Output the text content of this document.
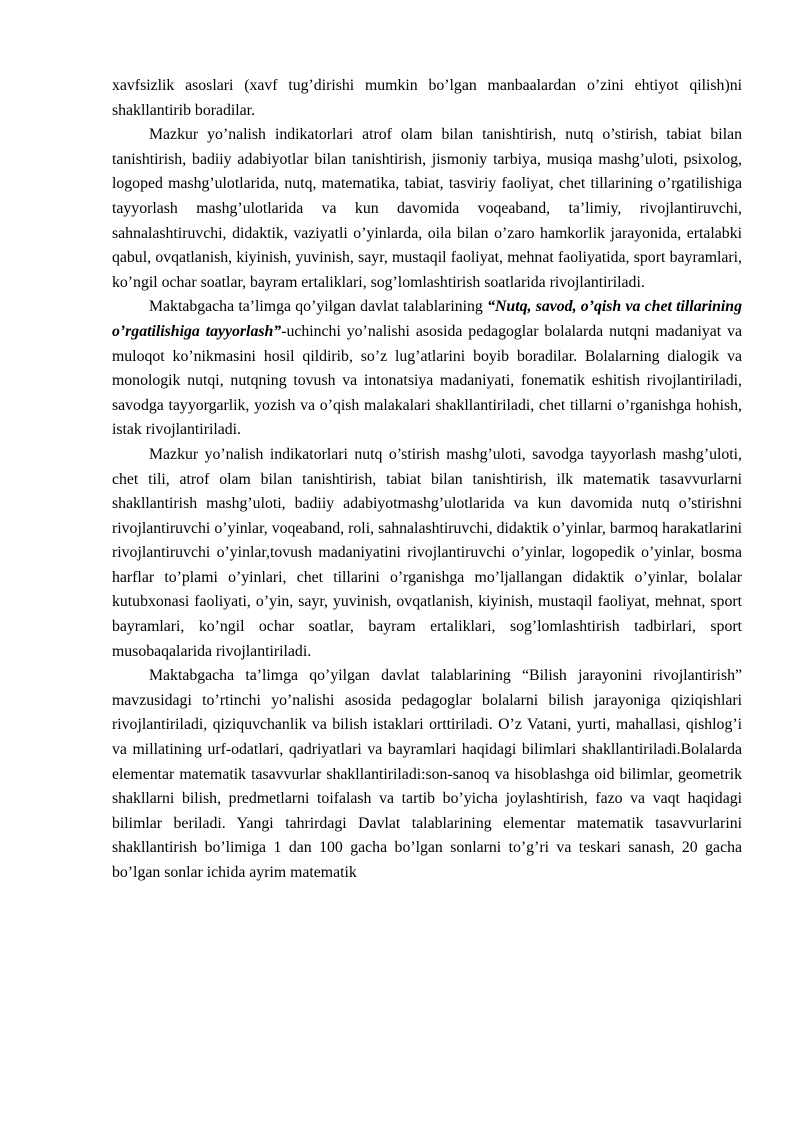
xavfsizlik asoslari (xavf tug’dirishi mumkin bo’lgan manbaalardan o’zini ehtiyot qilish)ni shakllantirib boradilar.

Mazkur yo’nalish indikatorlari atrof olam bilan tanishtirish, nutq o’stirish, tabiat bilan tanishtirish, badiiy adabiyotlar bilan tanishtirish, jismoniy tarbiya, musiqa mashg’uloti, psixolog, logoped mashg’ulotlarida, nutq, matematika, tabiat, tasviriy faoliyat, chet tillarining o’rgatilishiga tayyorlash mashg’ulotlarida va kun davomida voqeaband, ta’limiy, rivojlantiruvchi, sahnalashtiruvchi, didaktik, vaziyatli o’yinlarda, oila bilan o’zaro hamkorlik jarayonida, ertalabki qabul, ovqatlanish, kiyinish, yuvinish, sayr, mustaqil faoliyat, mehnat faoliyatida, sport bayramlari, ko’ngil ochar soatlar, bayram ertaliklari, sog’lomlashtirish soatlarida rivojlantiriladi.

Maktabgacha ta’limga qo’yilgan davlat talablarining “Nutq, savod, o’qish va chet tillarining o’rgatilishiga tayyorlash”-uchinchi yo’nalishi asosida pedagoglar bolalarda nutqni madaniyat va muloqot ko’nikmasini hosil qildirib, so’z lug’atlarini boyib boradilar. Bolalarning dialogik va monologik nutqi, nutqning tovush va intonatsiya madaniyati, fonematik eshitish rivojlantiriladi, savodga tayyorgarlik, yozish va o’qish malakalari shakllantiriladi, chet tillarni o’rganishga hohish, istak rivojlantiriladi.

Mazkur yo’nalish indikatorlari nutq o’stirish mashg’uloti, savodga tayyorlash mashg’uloti, chet tili, atrof olam bilan tanishtirish, tabiat bilan tanishtirish, ilk matematik tasavvurlarni shakllantirish mashg’uloti, badiiy adabiyotmashg’ulotlarida va kun davomida nutq o’stirishni rivojlantiruvchi o’yinlar, voqeaband, roli, sahnalashtiruvchi, didaktik o’yinlar, barmoq harakatlarini rivojlantiruvchi o’yinlar,tovush madaniyatini rivojlantiruvchi o’yinlar, logopedik o’yinlar, bosma harflar to’plami o’yinlari, chet tillarini o’rganishga mo’ljallangan didaktik o’yinlar, bolalar kutubxonasi faoliyati, o’yin, sayr, yuvinish, ovqatlanish, kiyinish, mustaqil faoliyat, mehnat, sport bayramlari, ko’ngil ochar soatlar, bayram ertaliklari, sog’lomlashtirish tadbirlari, sport musobaqalarida rivojlantiriladi.

Maktabgacha ta’limga qo’yilgan davlat talablarining “Bilish jarayonini rivojlantirish” mavzusidagi to’rtinchi yo’nalishi asosida pedagoglar bolalarni bilish jarayoniga qiziqishlari rivojlantiriladi, qiziquvchanlik va bilish istaklari orttiriladi. O’z Vatani, yurti, mahallasi, qishlog’i va millatining urf-odatlari, qadriyatlari va bayramlari haqidagi bilimlari shakllantiriladi.Bolalarda elementar matematik tasavvurlar shakllantiriladi:son-sanoq va hisoblashga oid bilimlar, geometrik shakllarni bilish, predmetlarni toifalash va tartib bo’yicha joylashtirish, fazo va vaqt haqidagi bilimlar beriladi. Yangi tahrirdagi Davlat talablarining elementar matematik tasavvurlarini shakllantirish bo’limiga 1 dan 100 gacha bo’lgan sonlarni to’g’ri va teskari sanash, 20 gacha bo’lgan sonlar ichida ayrim matematik
